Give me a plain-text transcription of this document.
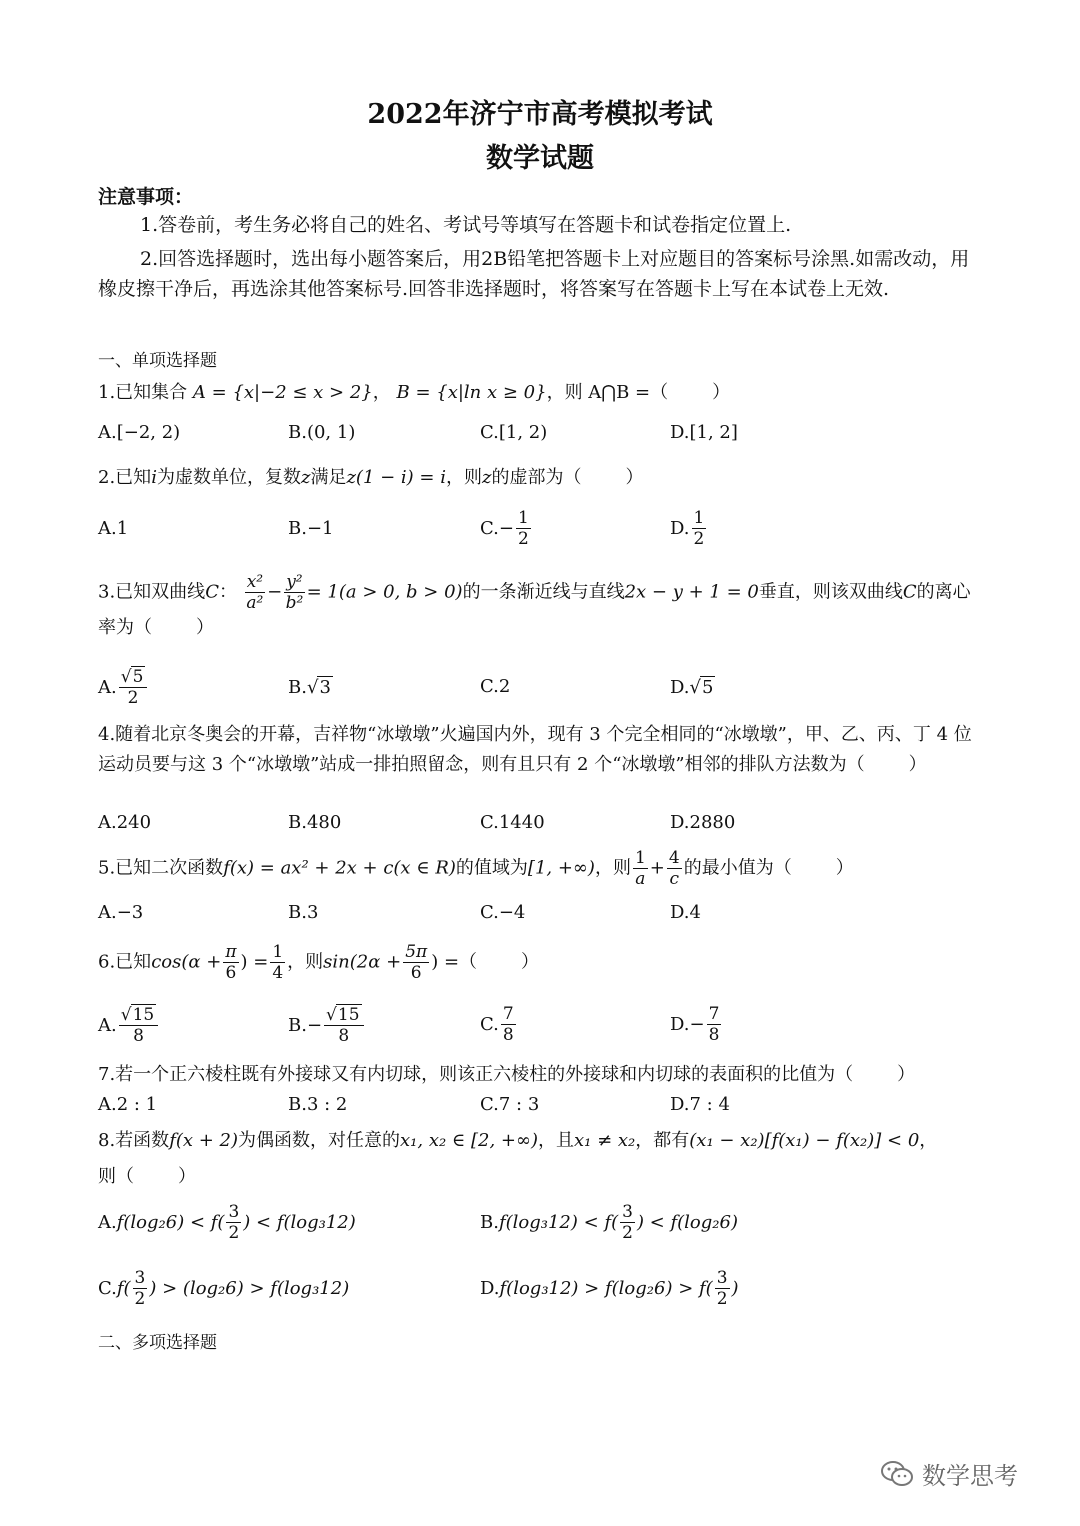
2022年济宁市高考模拟考试
数学试题
注意事项：
1.答卷前，考生务必将自己的姓名、考试号等填写在答题卡和试卷指定位置上.
2.回答选择题时，选出每小题答案后，用2B铅笔把答题卡上对应题目的答案标号涂黑.如需改动，用橡皮擦干净后，再选涂其他答案标号.回答非选择题时，将答案写在答题卡上写在本试卷上无效.
一、单项选择题
1.已知集合 A = {x|−2 ≤ x > 2}， B = {x|ln x ≥ 0}，则 A⋂B =（ ）
A.[−2, 2)	B.(0, 1)	C.[1, 2)	D.[1, 2]
2.已知i为虚数单位，复数z满足z(1 − i) = i，则z的虚部为（ ）
A.1	B.−1	$C.- \frac{1}{2}$	D. $\frac{1}{2}$
3.已知双曲线C： $\frac{\text{x²}}{\text{a²}} - \frac{\text{y²}}{\text{b²}} = 1(a > 0$, b > 0)的一条渐近线与直线2x − y + 1 = 0垂直，则该双曲线C的离心率为（ ）
A. $\frac{√5}{2}$	B. √ 3	C.2	D. √ 5
4.随着北京冬奥会的开幕，吉祥物“冰墩墩”火遍国内外，现有 3 个完全相同的“冰墩墩”，甲、乙、丙、丁 4 位运动员要与这 3 个“冰墩墩”站成一排拍照留念，则有且只有 2 个“冰墩墩”相邻的排队方法数为（ ）
A.240	B.480	C.1440	D.2880
5.已知二次函数f(x) = ax² + 2x + c(x ∈ R)的值域为[1, +∞)，则 $\frac{1}{a} + \frac{4}{c}$ 的最小值为（ ）
A.−3	B.3	C.−4	D.4
6.已知$\cos(\alpha + \frac{\pi}{6}$ ) = $\frac{1}{4}$ ，则$\sin(2\alpha + \frac{5\pi}{6}$ ) =（ ）
A. $\frac{√15}{8}$	$B.- \frac{√15}{8}$	C. $\frac{7}{8}$	$D.- \frac{7}{8}$
7.若一个正六棱柱既有外接球又有内切球，则该正六棱柱的外接球和内切球的表面积的比值为（ ）
A.2 : 1	B.3 : 2	C.7 : 3	D.7 : 4
8.若函数f(x + 2)为偶函数，对任意的x₁, x₂ ∈ [2, +∞)，且x₁ ≠ x₂，都有(x₁ − x₂)[f(x₁) − f(x₂)] < 0，
则（ ）
A. $f(\log_26) < f( \frac{3}{2}$ ) < f(log₃12)	B. $f(\log_312) < f( \frac{3}{2}$ ) < f(log₂6)
C. $f( \frac{3}{2}$ ) > (log₂6) > f(log₃12)	D. $f(\log_312) > f(\log_26) > f( \frac{3}{2}$ )
二、多项选择题
数学思考
